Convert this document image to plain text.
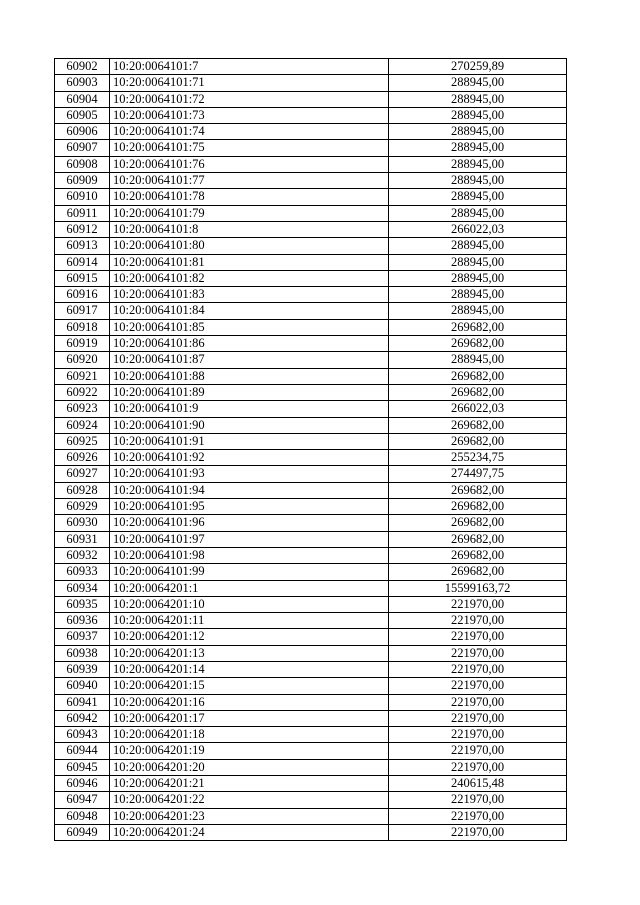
60902	10:20:0064101:7	270259,89
60903	10:20:0064101:71	288945,00
60904	10:20:0064101:72	288945,00
60905	10:20:0064101:73	288945,00
60906	10:20:0064101:74	288945,00
60907	10:20:0064101:75	288945,00
60908	10:20:0064101:76	288945,00
60909	10:20:0064101:77	288945,00
60910	10:20:0064101:78	288945,00
60911	10:20:0064101:79	288945,00
60912	10:20:0064101:8	266022,03
60913	10:20:0064101:80	288945,00
60914	10:20:0064101:81	288945,00
60915	10:20:0064101:82	288945,00
60916	10:20:0064101:83	288945,00
60917	10:20:0064101:84	288945,00
60918	10:20:0064101:85	269682,00
60919	10:20:0064101:86	269682,00
60920	10:20:0064101:87	288945,00
60921	10:20:0064101:88	269682,00
60922	10:20:0064101:89	269682,00
60923	10:20:0064101:9	266022,03
60924	10:20:0064101:90	269682,00
60925	10:20:0064101:91	269682,00
60926	10:20:0064101:92	255234,75
60927	10:20:0064101:93	274497,75
60928	10:20:0064101:94	269682,00
60929	10:20:0064101:95	269682,00
60930	10:20:0064101:96	269682,00
60931	10:20:0064101:97	269682,00
60932	10:20:0064101:98	269682,00
60933	10:20:0064101:99	269682,00
60934	10:20:0064201:1	15599163,72
60935	10:20:0064201:10	221970,00
60936	10:20:0064201:11	221970,00
60937	10:20:0064201:12	221970,00
60938	10:20:0064201:13	221970,00
60939	10:20:0064201:14	221970,00
60940	10:20:0064201:15	221970,00
60941	10:20:0064201:16	221970,00
60942	10:20:0064201:17	221970,00
60943	10:20:0064201:18	221970,00
60944	10:20:0064201:19	221970,00
60945	10:20:0064201:20	221970,00
60946	10:20:0064201:21	240615,48
60947	10:20:0064201:22	221970,00
60948	10:20:0064201:23	221970,00
60949	10:20:0064201:24	221970,00
